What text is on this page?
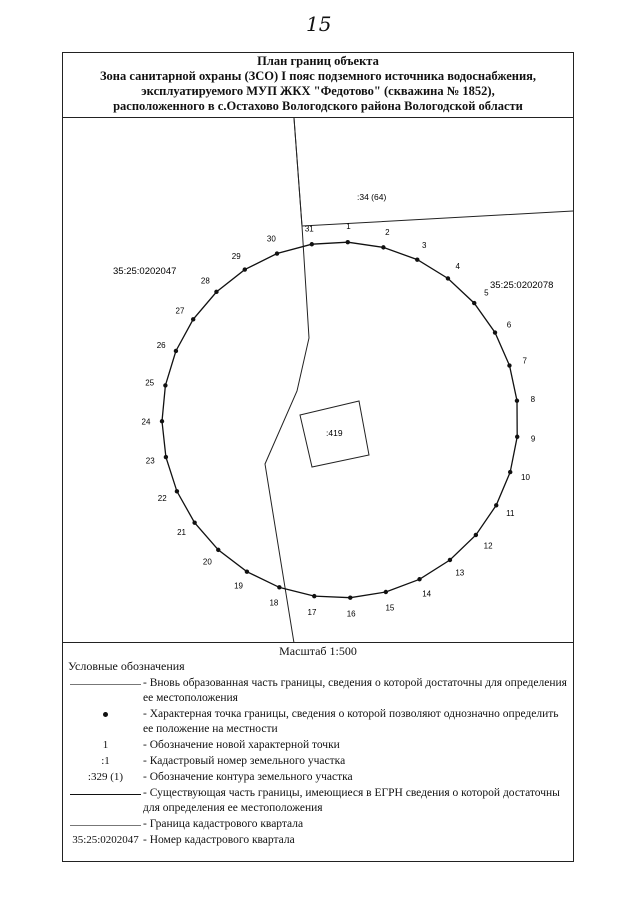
15
План границ объекта
Зона санитарной охраны (ЗСО) I пояс подземного источника водоснабжения,
эксплуатируемого МУП ЖКХ "Федотово" (скважина № 1852),
расположенного в с.Остахово Вологодского района Вологодской области
1
2
3
4
5
6
7
8
9
10
11
12
13
14
15
16
17
18
19
20
21
22
23
24
25
26
27
28
29
30
31
:34 (64)
:419
35:25:0202047
35:25:0202078
Масштаб 1:500
Условные обозначения
- Вновь образованная часть границы, сведения о которой достаточны для определения ее местоположения
- Характерная точка границы, сведения о которой позволяют однозначно определить ее положение на местности
1	- Обозначение новой характерной точки
:1	- Кадастровый номер земельного участка
:329 (1)	- Обозначение контура земельного участка
- Существующая часть границы, имеющиеся в ЕГРН сведения о которой достаточны для определения ее местоположения
- Граница кадастрового квартала
35:25:0202047 - Номер кадастрового квартала
